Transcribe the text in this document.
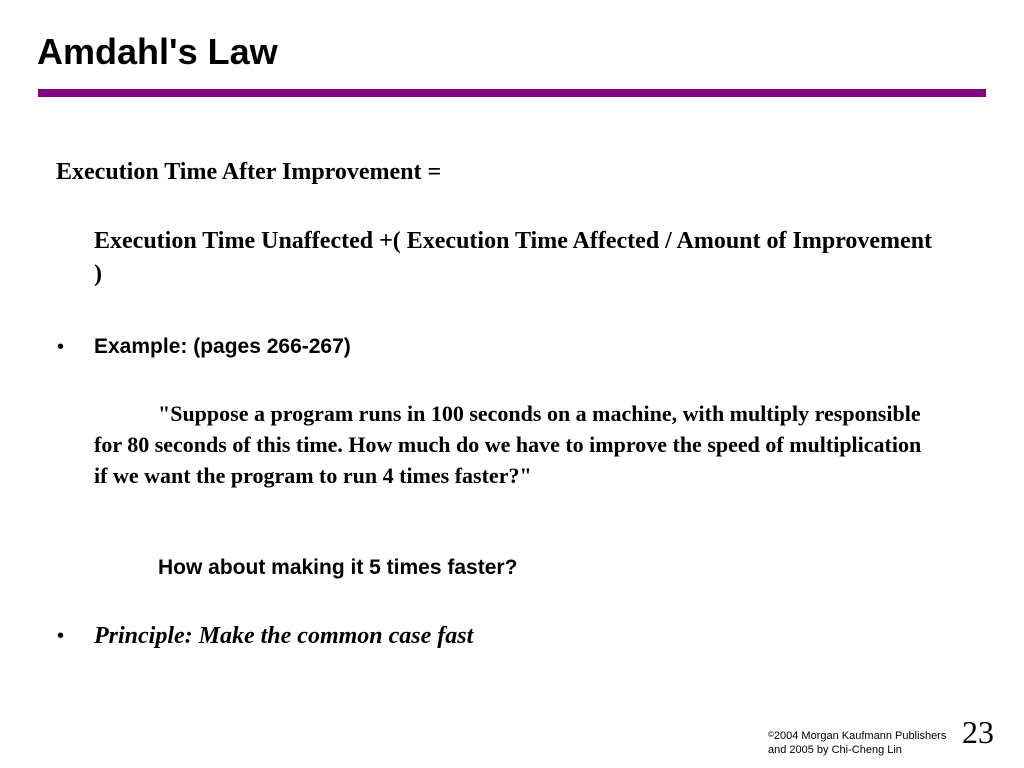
Amdahl's Law

Execution Time After Improvement =

Execution Time Unaffected +( Execution Time Affected / Amount of Improvement )

• Example: (pages 266-267)

"Suppose a program runs in 100 seconds on a machine, with multiply responsible for 80 seconds of this time. How much do we have to improve the speed of multiplication if we want the program to run 4 times faster?"

How about making it 5 times faster?

• Principle: Make the common case fast

©2004 Morgan Kaufmann Publishers
and 2005 by Chi-Cheng Lin	23
